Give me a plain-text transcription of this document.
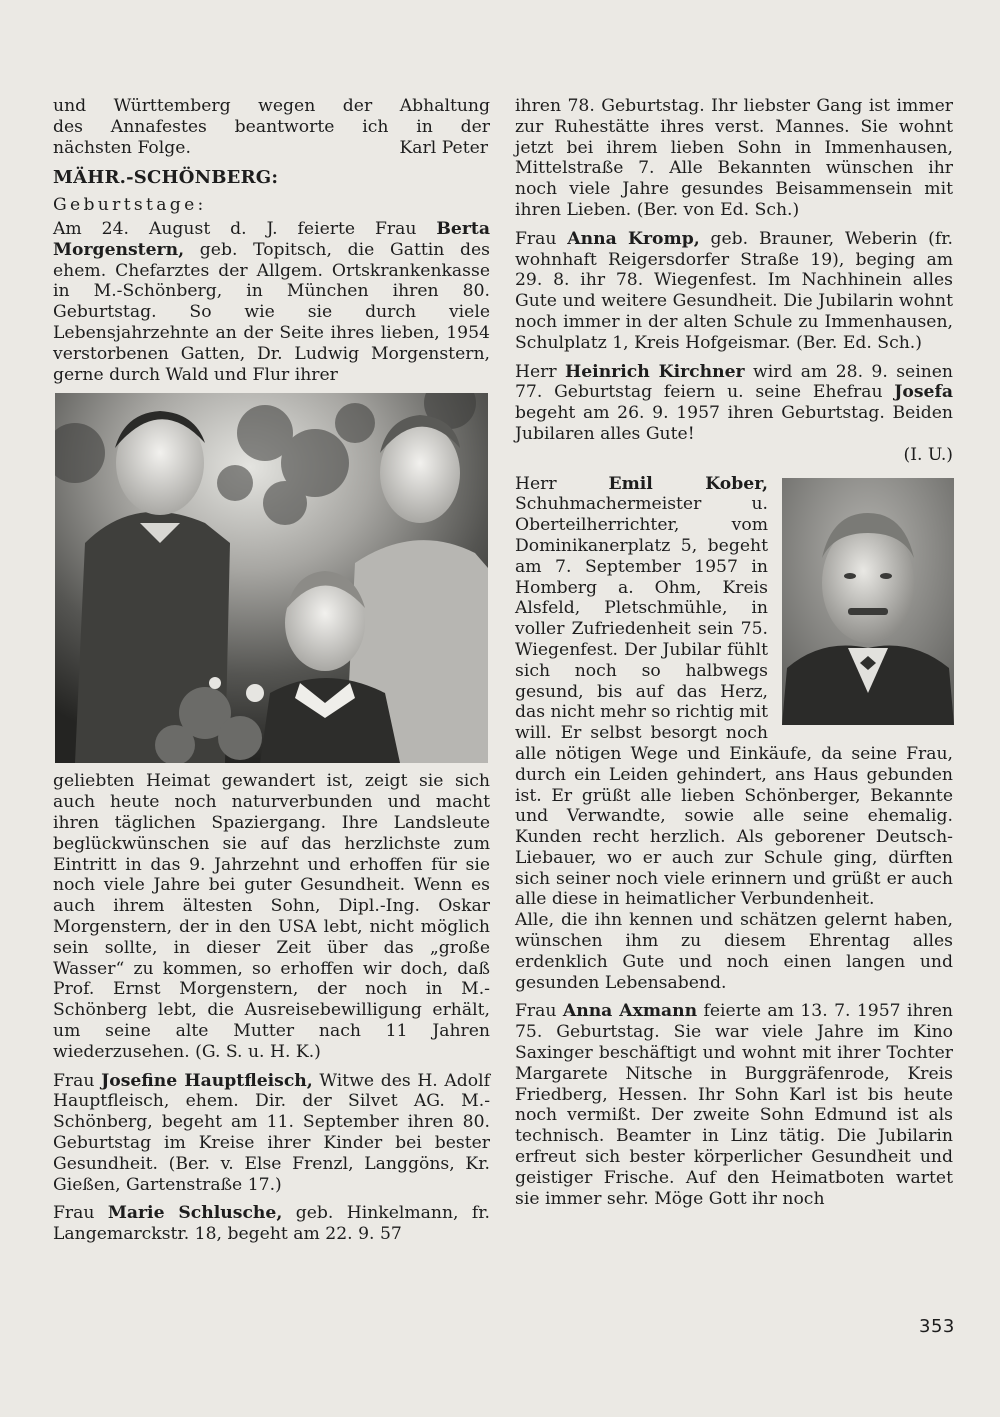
und Württemberg wegen der Abhaltung

des Annafestes beantworte ich in der

nächsten Folge.	Karl Peter

MÄHR.-SCHÖNBERG:

Geburtstage:

Am 24. August d. J. feierte Frau Berta Morgenstern, geb. Topitsch, die Gattin des ehem. Chefarztes der Allgem. Ortskrankenkasse in M.-Schönberg, in München ihren 80. Geburtstag. So wie sie durch viele Lebensjahrzehnte an der Seite ihres lieben, 1954 verstorbenen Gatten, Dr. Ludwig Morgenstern, gerne durch Wald und Flur ihrer

geliebten Heimat gewandert ist, zeigt sie sich auch heute noch naturverbunden und macht ihren täglichen Spaziergang. Ihre Landsleute beglückwünschen sie auf das herzlichste zum Eintritt in das 9. Jahrzehnt und erhoffen für sie noch viele Jahre bei guter Gesundheit. Wenn es auch ihrem ältesten Sohn, Dipl.-Ing. Oskar Morgenstern, der in den USA lebt, nicht möglich sein sollte, in dieser Zeit über das „große Wasser“ zu kommen, so erhoffen wir doch, daß Prof. Ernst Morgenstern, der noch in M.-Schönberg lebt, die Ausreisebewilligung erhält, um seine alte Mutter nach 11 Jahren wiederzusehen. (G. S. u. H. K.)

Frau Josefine Hauptfleisch, Witwe des H. Adolf Hauptfleisch, ehem. Dir. der Silvet AG. M.-Schönberg, begeht am 11. September ihren 80. Geburtstag im Kreise ihrer Kinder bei bester Gesundheit. (Ber. v. Else Frenzl, Langgöns, Kr. Gießen, Gartenstraße 17.)

Frau Marie Schlusche, geb. Hinkelmann, fr. Langemarckstr. 18, begeht am 22. 9. 57

ihren 78. Geburtstag. Ihr liebster Gang ist immer zur Ruhestätte ihres verst. Mannes. Sie wohnt jetzt bei ihrem lieben Sohn in Immenhausen, Mittelstraße 7. Alle Bekannten wünschen ihr noch viele Jahre gesundes Beisammensein mit ihren Lieben. (Ber. von Ed. Sch.)

Frau Anna Kromp, geb. Brauner, Weberin (fr. wohnhaft Reigersdorfer Straße 19), beging am 29. 8. ihr 78. Wiegenfest. Im Nachhinein alles Gute und weitere Gesundheit. Die Jubilarin wohnt noch immer in der alten Schule zu Immenhausen, Schulplatz 1, Kreis Hofgeismar. (Ber. Ed. Sch.)

Herr Heinrich Kirchner wird am 28. 9. seinen 77. Geburtstag feiern u. seine Ehefrau Josefa begeht am 26. 9. 1957 ihren Geburtstag. Beiden Jubilaren alles Gute!

(I. U.)

Herr Emil Kober, Schuhmachermeister u. Oberteilherrichter, vom Dominikanerplatz 5, begeht am 7. September 1957 in Homberg a. Ohm, Kreis Alsfeld, Pletschmühle, in voller Zufriedenheit sein 75. Wiegenfest. Der Jubilar fühlt sich noch so halbwegs gesund, bis auf das Herz, das nicht mehr so richtig mit will. Er selbst besorgt noch alle nötigen Wege und Einkäufe, da seine Frau, durch ein Leiden gehindert, ans Haus gebunden ist. Er grüßt alle lieben Schönberger, Bekannte und Verwandte, sowie alle seine ehemalig. Kunden recht herzlich. Als geborener Deutsch-Liebauer, wo er auch zur Schule ging, dürften sich seiner noch viele erinnern und grüßt er auch alle diese in heimatlicher Verbundenheit.

Alle, die ihn kennen und schätzen gelernt haben, wünschen ihm zu diesem Ehrentag alles erdenklich Gute und noch einen langen und gesunden Lebensabend.

Frau Anna Axmann feierte am 13. 7. 1957 ihren 75. Geburtstag. Sie war viele Jahre im Kino Saxinger beschäftigt und wohnt mit ihrer Tochter Margarete Nitsche in Burggräfenrode, Kreis Friedberg, Hessen. Ihr Sohn Karl ist bis heute noch vermißt. Der zweite Sohn Edmund ist als technisch. Beamter in Linz tätig. Die Jubilarin erfreut sich bester körperlicher Gesundheit und geistiger Frische. Auf den Heimatboten wartet sie immer sehr. Möge Gott ihr noch

353
